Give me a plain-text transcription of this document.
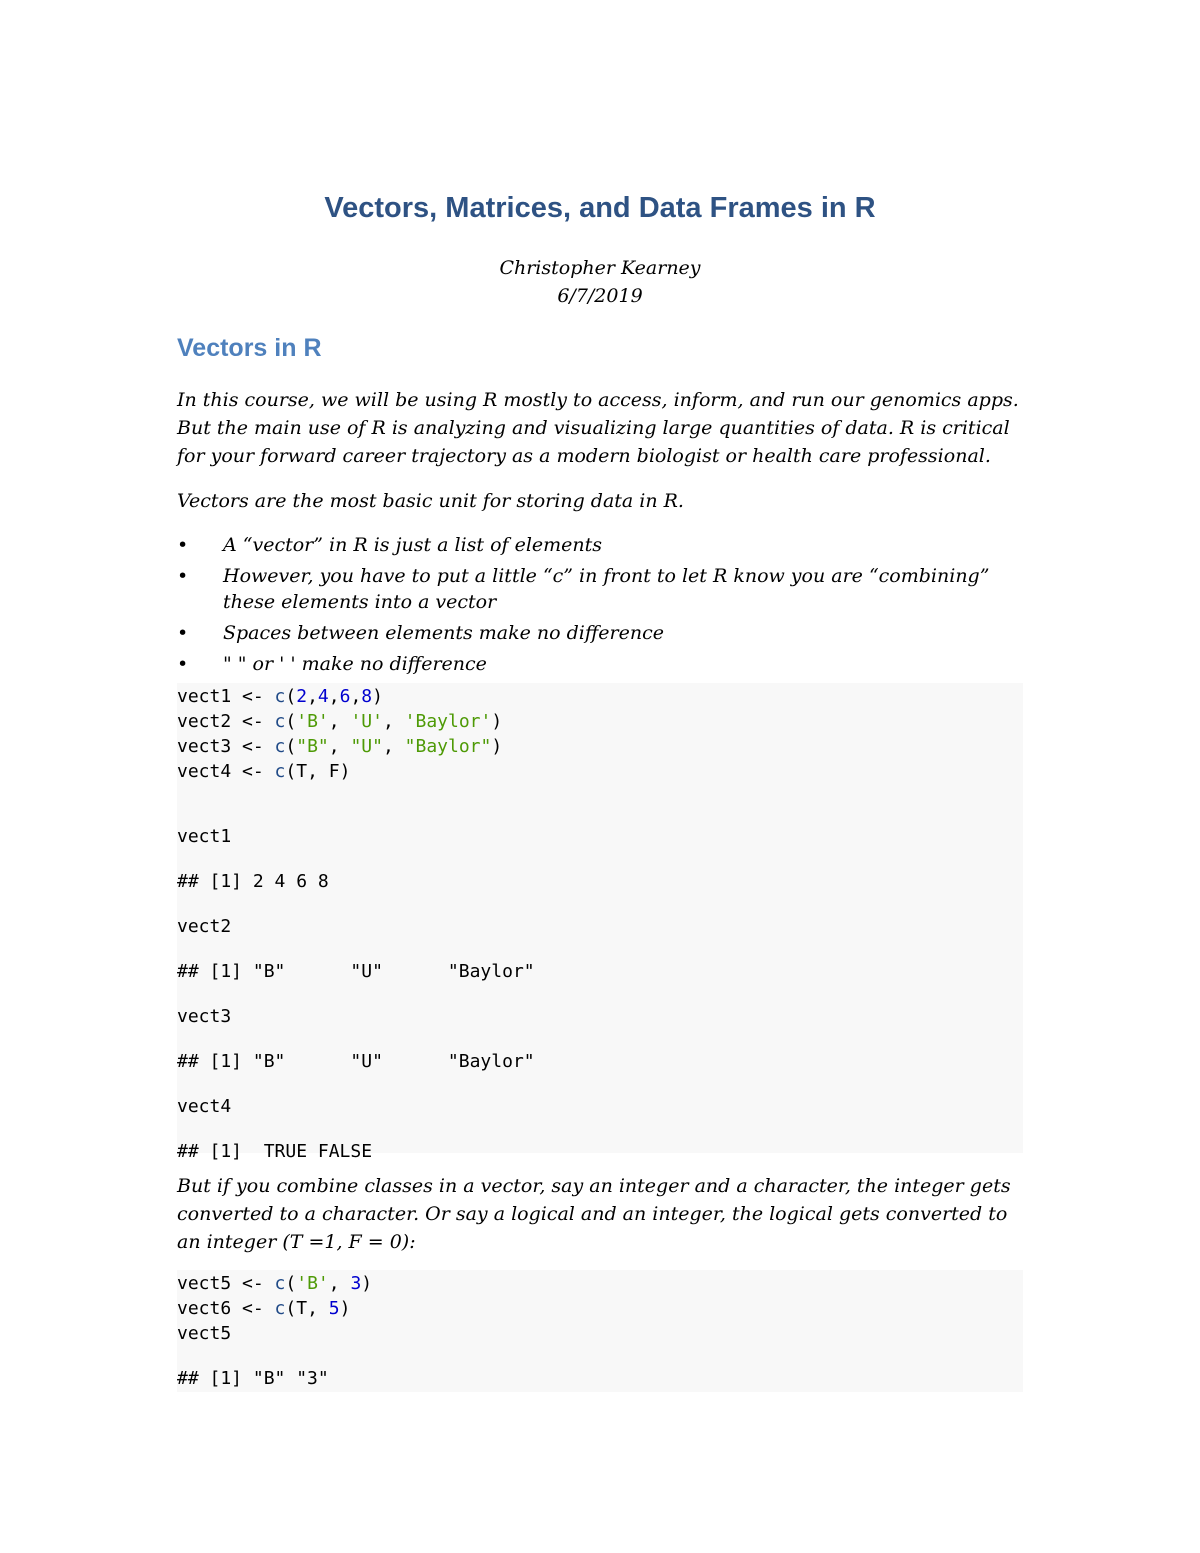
Vectors, Matrices, and Data Frames in R
Christopher Kearney
6/7/2019
Vectors in R

In this course, we will be using R mostly to access, inform, and run our genomics apps. But the main use of R is analyzing and visualizing large quantities of data. R is critical for your forward career trajectory as a modern biologist or health care professional.

Vectors are the most basic unit for storing data in R.

• A “vector” in R is just a list of elements
• However, you have to put a little “c” in front to let R know you are “combining” these elements into a vector
• Spaces between elements make no difference
• " " or ' ' make no difference
vect1 <- c(2,4,6,8)
vect2 <- c('B', 'U', 'Baylor')
vect3 <- c("B", "U", "Baylor")
vect4 <- c(T, F)
vect1
## [1] 2 4 6 8
vect2
## [1] "B"      "U"      "Baylor"
vect3
## [1] "B"      "U"      "Baylor"
vect4
## [1]  TRUE FALSE

But if you combine classes in a vector, say an integer and a character, the integer gets converted to a character. Or say a logical and an integer, the logical gets converted to an integer (T =1, F = 0):

vect5 <- c('B', 3)
vect6 <- c(T, 5)
vect5
## [1] "B" "3"
